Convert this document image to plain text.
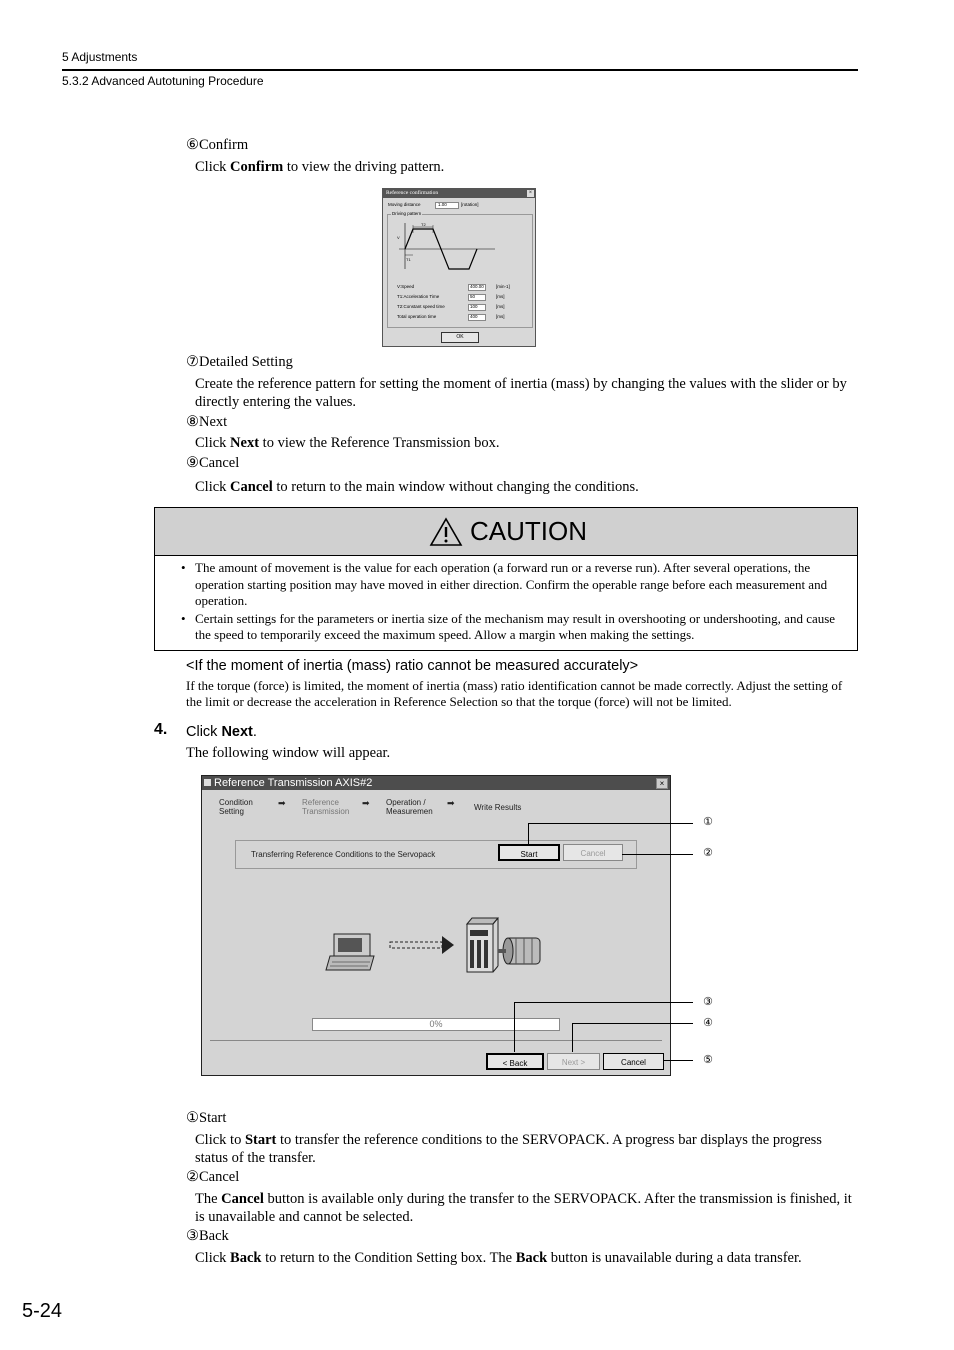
5 Adjustments
5.3.2 Advanced Autotuning Procedure
⑥Confirm
Click Confirm to view the driving pattern.
Reference confirmation	×
Moving distance	1.00	[rotation]
Driving pattern
T2
V
T1
V:Speed	400.00	[min-1]
T1:Acceleration Time	50	[ms]
T2:Constant speed time	100	[ms]
Total operation time	400	[ms]
OK
⑦Detailed Setting
Create the reference pattern for setting the moment of inertia (mass) by changing the values with the slider or by directly entering the values.
⑧Next
Click Next to view the Reference Transmission box.
⑨Cancel
Click Cancel to return to the main window without changing the conditions.
CAUTION
• The amount of movement is the value for each operation (a forward run or a reverse run). After several operations, the operation starting position may have moved in either direction. Confirm the operable range before each measurement and operation.
• Certain settings for the parameters or inertia size of the mechanism may result in overshooting or undershooting, and cause the speed to temporarily exceed the maximum speed. Allow a margin when making the settings.
<If the moment of inertia (mass) ratio cannot be measured accurately>
If the torque (force) is limited, the moment of inertia (mass) ratio identification cannot be made correctly. Adjust the setting of the limit or decrease the acceleration in Reference Selection so that the torque (force) will not be limited.
4. Click Next.
The following window will appear.
Reference Transmission AXIS#2	×
Condition
Setting
➡ Reference
Transmission
➡ Operation /
Measuremen
➡ Write Results
Transferring Reference Conditions to the Servopack	Start	Cancel
0%
< Back	Next >	Cancel
①
②
③
④
⑤
①Start
Click to Start to transfer the reference conditions to the SERVOPACK. A progress bar displays the progress status of the transfer.
②Cancel
The Cancel button is available only during the transfer to the SERVOPACK. After the transmission is finished, it is unavailable and cannot be selected.
③Back
Click Back to return to the Condition Setting box. The Back button is unavailable during a data transfer.
5-24
